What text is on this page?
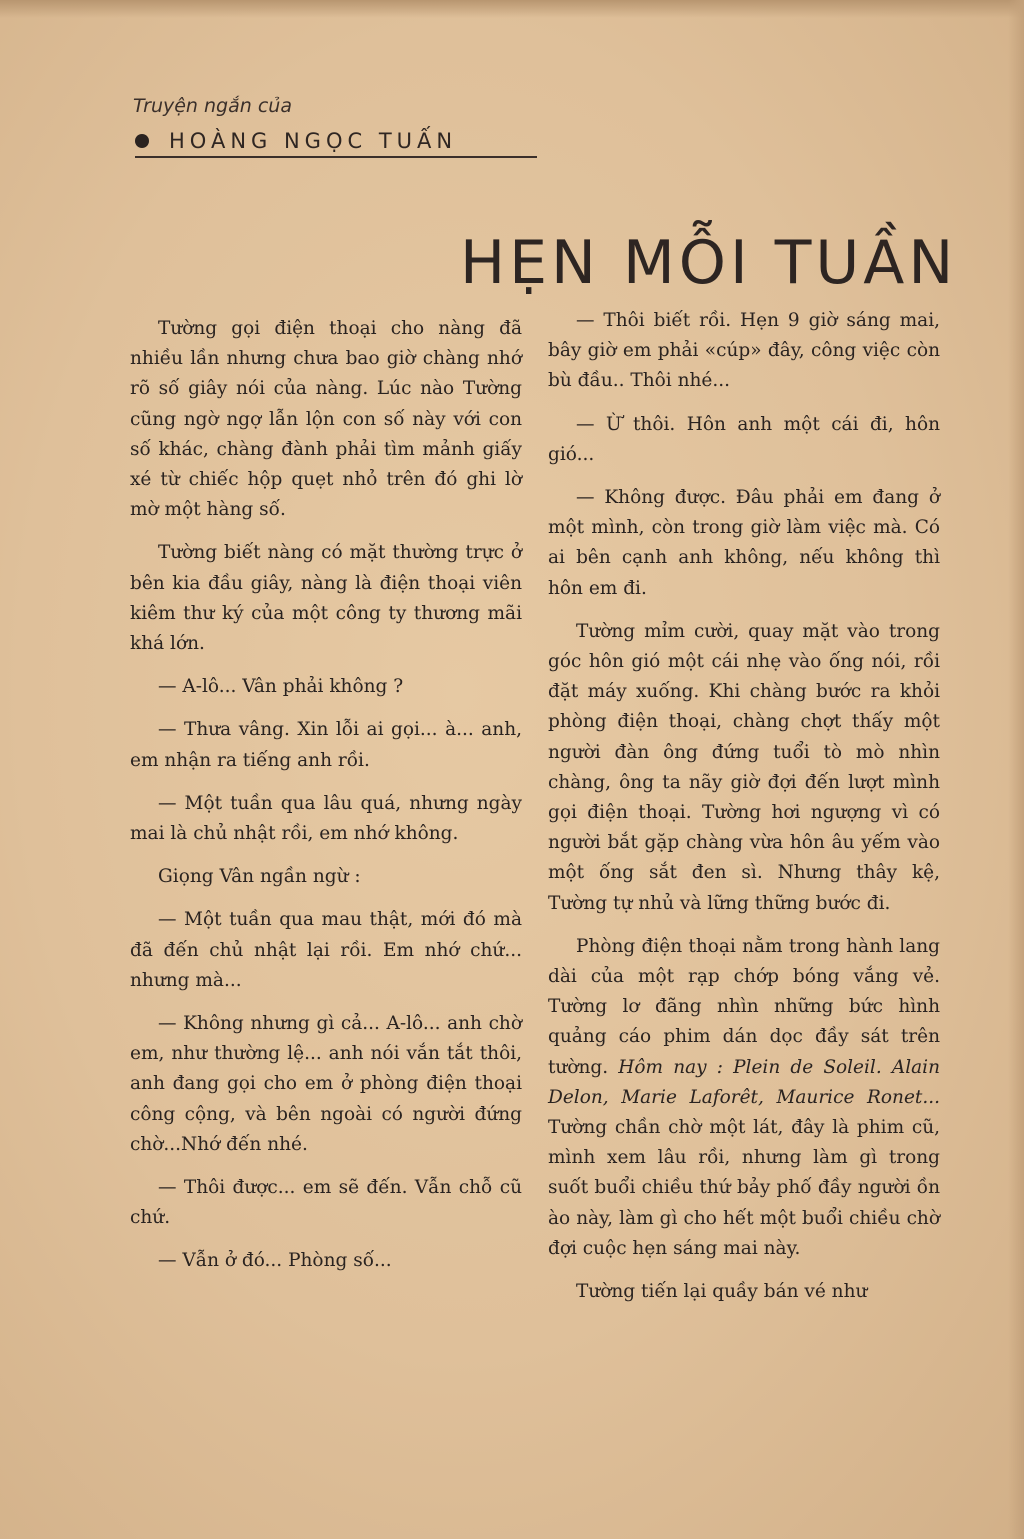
Truyện ngắn của
HOÀNG NGỌC TUẤN
HẸN MỖI TUẦN

Tường gọi điện thoại cho nàng đã nhiều lần nhưng chưa bao giờ chàng nhớ rõ số giây nói của nàng. Lúc nào Tường cũng ngờ ngợ lẫn lộn con số này với con số khác, chàng đành phải tìm mảnh giấy xé từ chiếc hộp quẹt nhỏ trên đó ghi lờ mờ một hàng số.

Tường biết nàng có mặt thường trực ở bên kia đầu giây, nàng là điện thoại viên kiêm thư ký của một công ty thương mãi khá lớn.

— A-lô... Vân phải không ?

— Thưa vâng. Xin lỗi ai gọi... à... anh, em nhận ra tiếng anh rồi.

— Một tuần qua lâu quá, nhưng ngày mai là chủ nhật rồi, em nhớ không.

Giọng Vân ngần ngừ :

— Một tuần qua mau thật, mới đó mà đã đến chủ nhật lại rồi. Em nhớ chứ... nhưng mà...

— Không nhưng gì cả... A-lô... anh chờ em, như thường lệ... anh nói vắn tắt thôi, anh đang gọi cho em ở phòng điện thoại công cộng, và bên ngoài có người đứng chờ...Nhớ đến nhé.

— Thôi được... em sẽ đến. Vẫn chỗ cũ chứ.

— Vẫn ở đó... Phòng số...

— Thôi biết rồi. Hẹn 9 giờ sáng mai, bây giờ em phải «cúp» đây, công việc còn bù đầu.. Thôi nhé...

— Ừ thôi. Hôn anh một cái đi, hôn gió...

— Không được. Đâu phải em đang ở một mình, còn trong giờ làm việc mà. Có ai bên cạnh anh không, nếu không thì hôn em đi.

Tường mỉm cười, quay mặt vào trong góc hôn gió một cái nhẹ vào ống nói, rồi đặt máy xuống. Khi chàng bước ra khỏi phòng điện thoại, chàng chợt thấy một người đàn ông đứng tuổi tò mò nhìn chàng, ông ta nãy giờ đợi đến lượt mình gọi điện thoại. Tường hơi ngượng vì có người bắt gặp chàng vừa hôn âu yếm vào một ống sắt đen sì. Nhưng thây kệ, Tường tự nhủ và lững thững bước đi.

Phòng điện thoại nằm trong hành lang dài của một rạp chớp bóng vắng vẻ. Tường lơ đãng nhìn những bức hình quảng cáo phim dán dọc đầy sát trên tường. Hôm nay : Plein de Soleil. Alain Delon, Marie Laforêt, Maurice Ronet... Tường chần chờ một lát, đây là phim cũ, mình xem lâu rồi, nhưng làm gì trong suốt buổi chiều thứ bảy phố đầy người ồn ào này, làm gì cho hết một buổi chiều chờ đợi cuộc hẹn sáng mai này.

Tường tiến lại quầy bán vé như
